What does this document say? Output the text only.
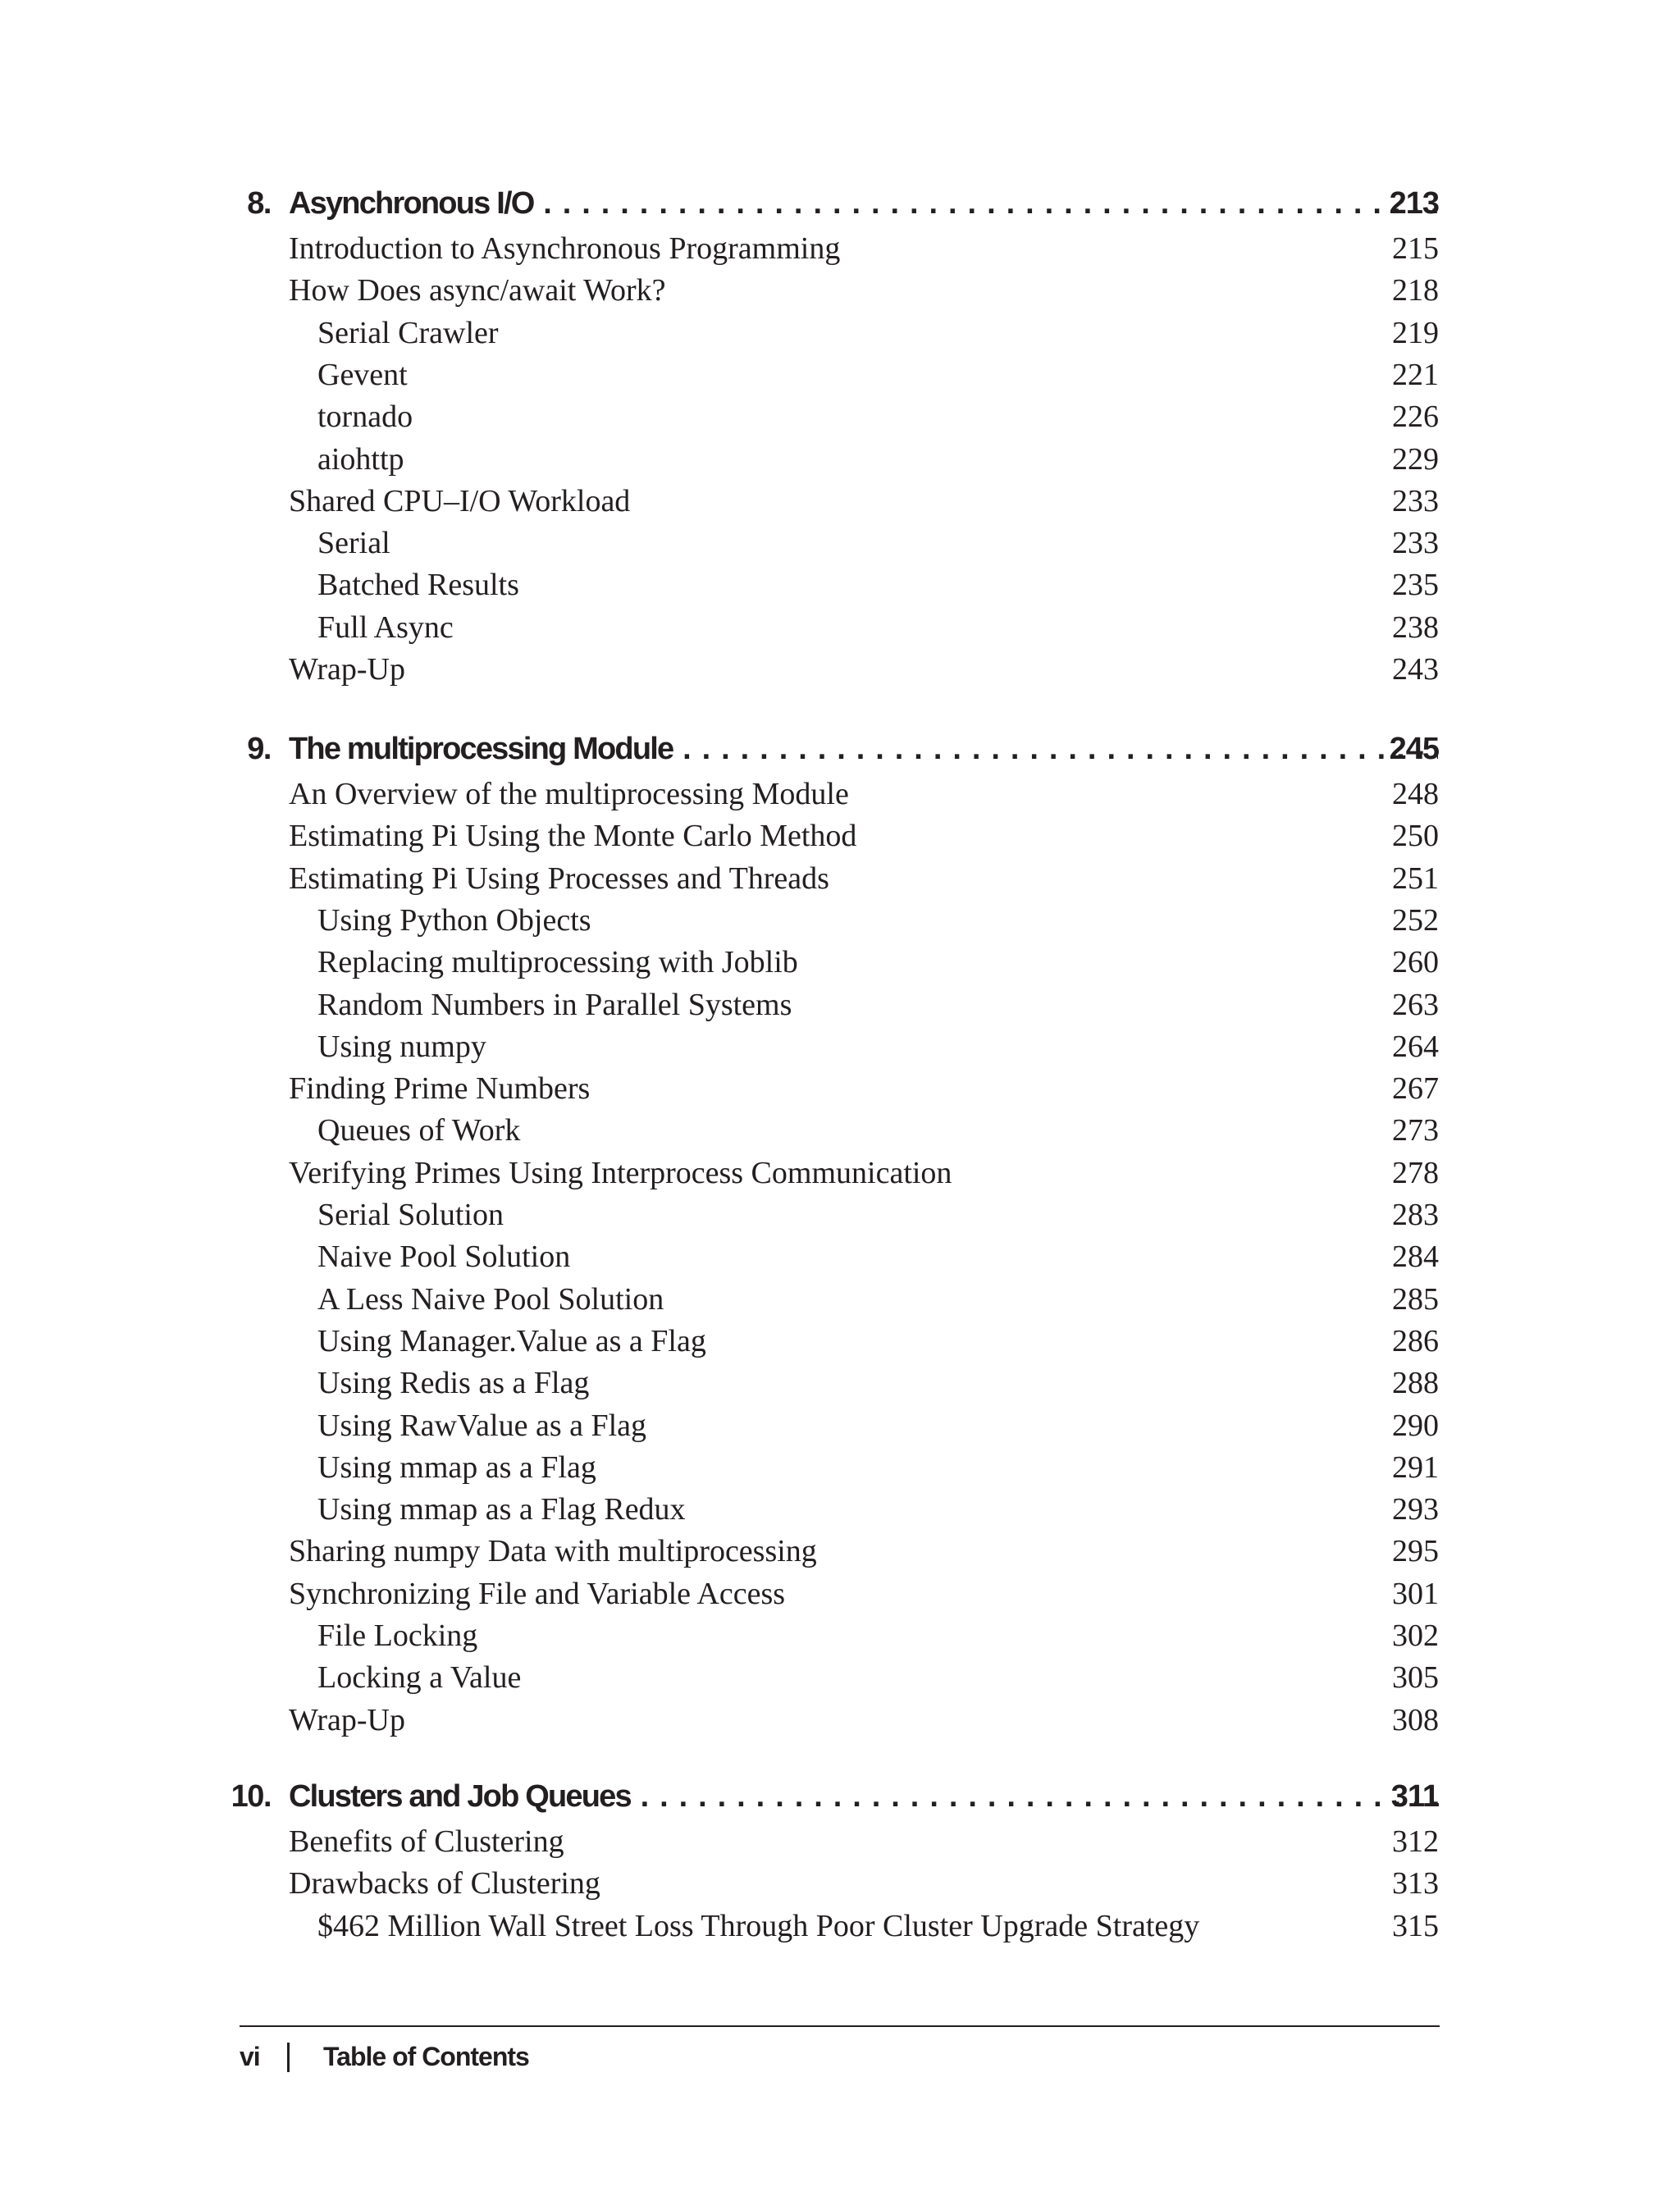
8. Asynchronous I/O . . .	213
Introduction to Asynchronous Programming	215
How Does async/await Work?	218
Serial Crawler	219
Gevent	221
tornado	226
aiohttp	229
Shared CPU–I/O Workload	233
Serial	233
Batched Results	235
Full Async	238
Wrap-Up	243
9. The multiprocessing Module . . .	245
An Overview of the multiprocessing Module	248
Estimating Pi Using the Monte Carlo Method	250
Estimating Pi Using Processes and Threads	251
Using Python Objects	252
Replacing multiprocessing with Joblib	260
Random Numbers in Parallel Systems	263
Using numpy	264
Finding Prime Numbers	267
Queues of Work	273
Verifying Primes Using Interprocess Communication	278
Serial Solution	283
Naive Pool Solution	284
A Less Naive Pool Solution	285
Using Manager.Value as a Flag	286
Using Redis as a Flag	288
Using RawValue as a Flag	290
Using mmap as a Flag	291
Using mmap as a Flag Redux	293
Sharing numpy Data with multiprocessing	295
Synchronizing File and Variable Access	301
File Locking	302
Locking a Value	305
Wrap-Up	308
10. Clusters and Job Queues . . .	311
Benefits of Clustering	312
Drawbacks of Clustering	313
$462 Million Wall Street Loss Through Poor Cluster Upgrade Strategy	315
vi Table of Contents
